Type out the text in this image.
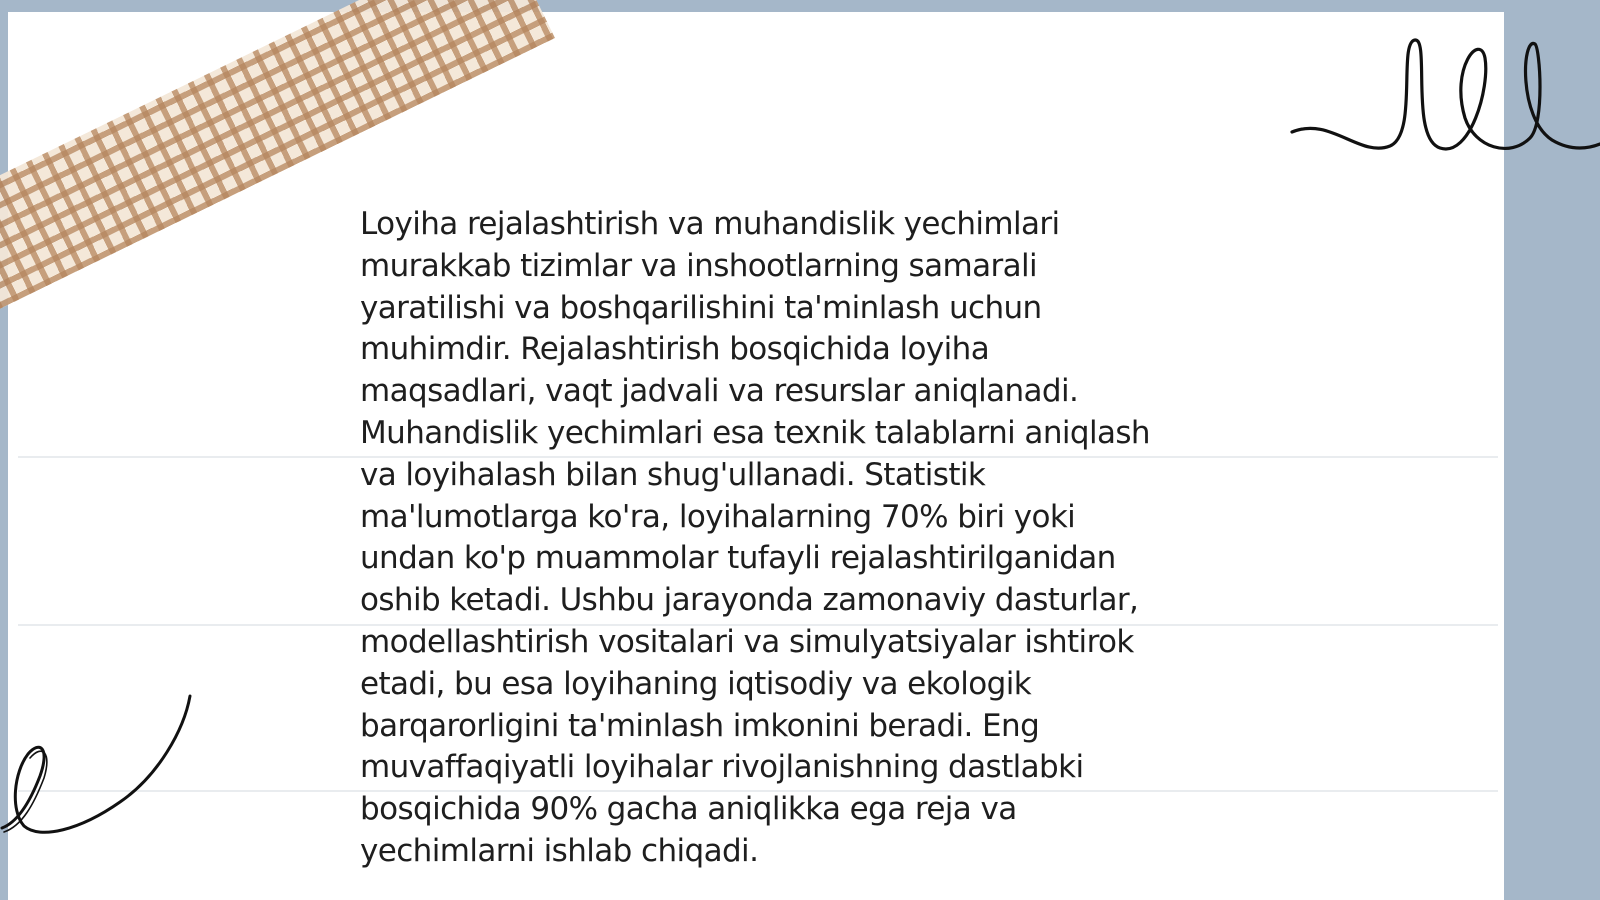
Loyiha rejalashtirish va muhandislik yechimlari
murakkab tizimlar va inshootlarning samarali
yaratilishi va boshqarilishini ta'minlash uchun
muhimdir. Rejalashtirish bosqichida loyiha
maqsadlari, vaqt jadvali va resurslar aniqlanadi.
Muhandislik yechimlari esa texnik talablarni aniqlash
va loyihalash bilan shug'ullanadi. Statistik
ma'lumotlarga ko'ra, loyihalarning 70% biri yoki
undan ko'p muammolar tufayli rejalashtirilganidan
oshib ketadi. Ushbu jarayonda zamonaviy dasturlar,
modellashtirish vositalari va simulyatsiyalar ishtirok
etadi, bu esa loyihaning iqtisodiy va ekologik
barqarorligini ta'minlash imkonini beradi. Eng
muvaffaqiyatli loyihalar rivojlanishning dastlabki
bosqichida 90% gacha aniqlikka ega reja va
yechimlarni ishlab chiqadi.
